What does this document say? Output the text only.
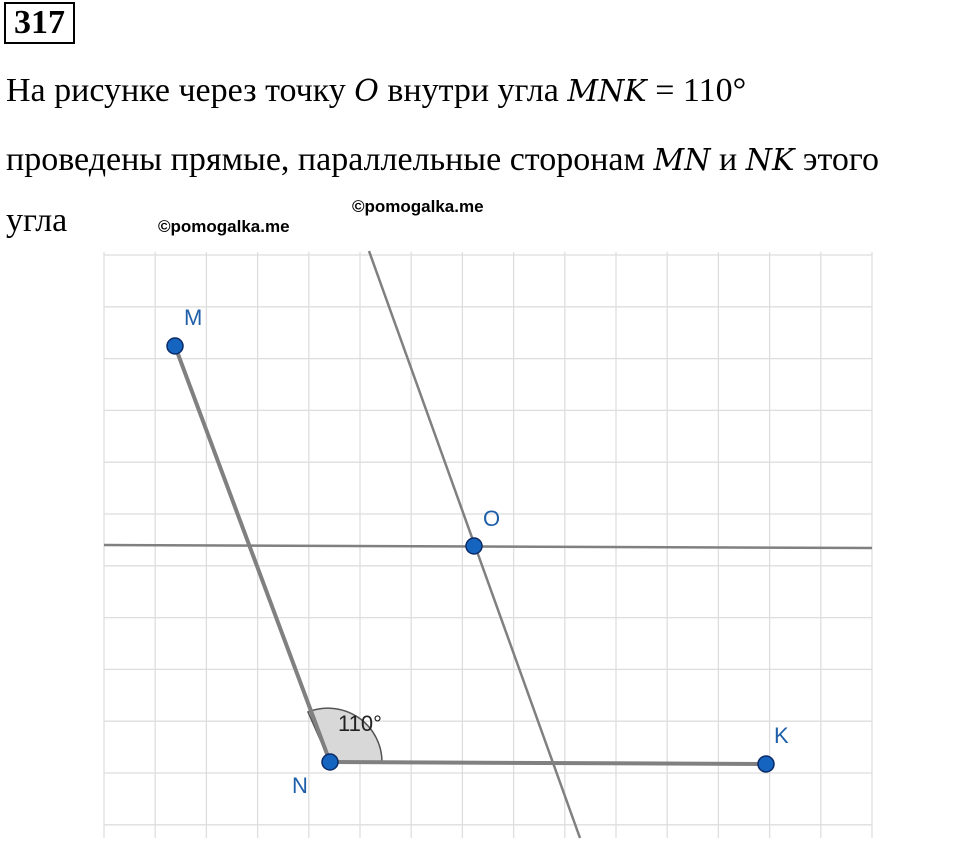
317
На рисунке через точку O внутри угла MNK = 110°
проведены прямые, параллельные сторонам MN и NK этого
угла	©pomogalka.me
©pomogalka.me
110°
M
N
K
O
